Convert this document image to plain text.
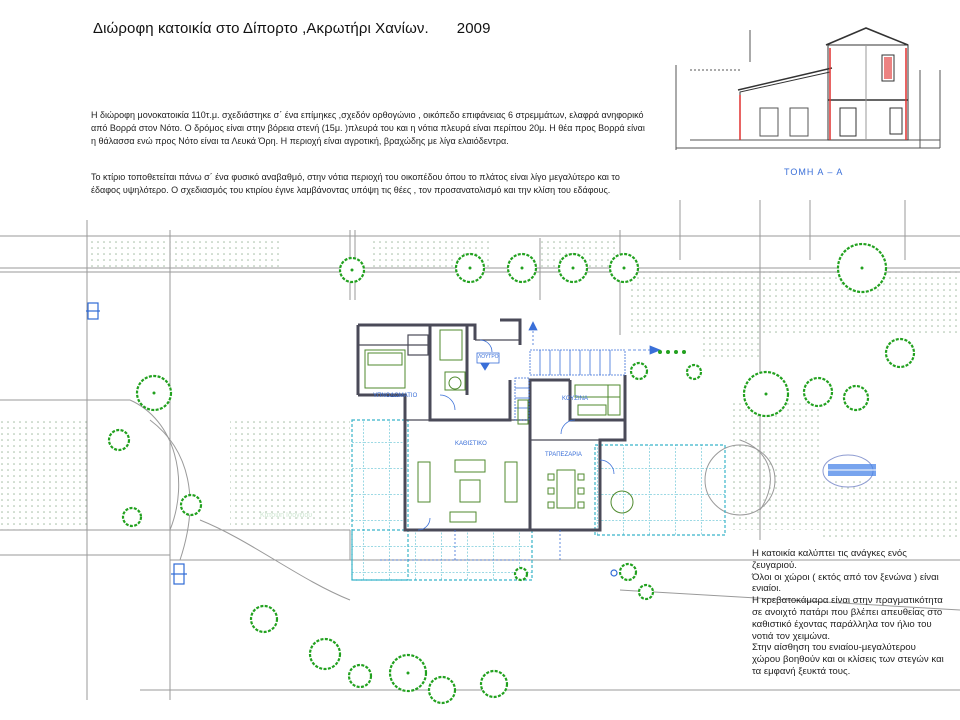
Διώροφη κατοικία στο Δίπορτο ,Ακρωτήρι Χανίων. 2009
Η διώροφη μονοκατοικία 110τ.μ. σχεδιάστηκε σ΄ ένα επίμηκες ,σχεδόν ορθογώνιο , οικόπεδο επιφάνειας 6 στρεμμάτων, ελαφρά ανηφορικό από Βορρά στον Νότο. Ο δρόμος είναι στην βόρεια στενή (15μ. )πλευρά του και η νότια πλευρά είναι περίπου 20μ. Η θέα προς Βορρά είναι η θάλασσα ενώ προς Νότο είναι τα Λευκά Όρη. Η περιοχή είναι αγροτική, βραχώδης με λίγα ελαιόδεντρα.
Το κτίριο τοποθετείται πάνω σ΄ ένα φυσικό αναβαθμό, στην νότια περιοχή του οικοπέδου όπου το πλάτος είναι λίγο μεγαλύτερο και το έδαφος υψηλότερο. Ο σχεδιασμός του κτιρίου έγινε λαμβάνοντας υπόψη τις θέες , τον προσανατολισμό και την κλίση του εδάφους.
ΤΟΜΗ Α – Α
ΥΠΝΟΔΩΜΑΤΙΟ
ΛΟΥΤΡΟ
ΚΟΥΖΙΝΑ
ΚΑΘΙΣΤΙΚΟ
ΤΡΑΠΕΖΑΡΙΑ
Κάτοψη Ισογείου
Η κατοικία καλύπτει τις ανάγκες ενός
ζευγαριού.
Όλοι οι χώροι ( εκτός από τον ξενώνα ) είναι
ενιαίοι.
Η κρεβατοκάμαρα είναι στην πραγματικότητα
σε ανοιχτό πατάρι που βλέπει απευθείας στο
καθιστικό έχοντας παράλληλα τον ήλιο του
νοτιά τον χειμώνα.
Στην αίσθηση του ενιαίου-μεγαλύτερου
χώρου βοηθούν και οι κλίσεις των στεγών και
τα εμφανή ξευκτά τους.
